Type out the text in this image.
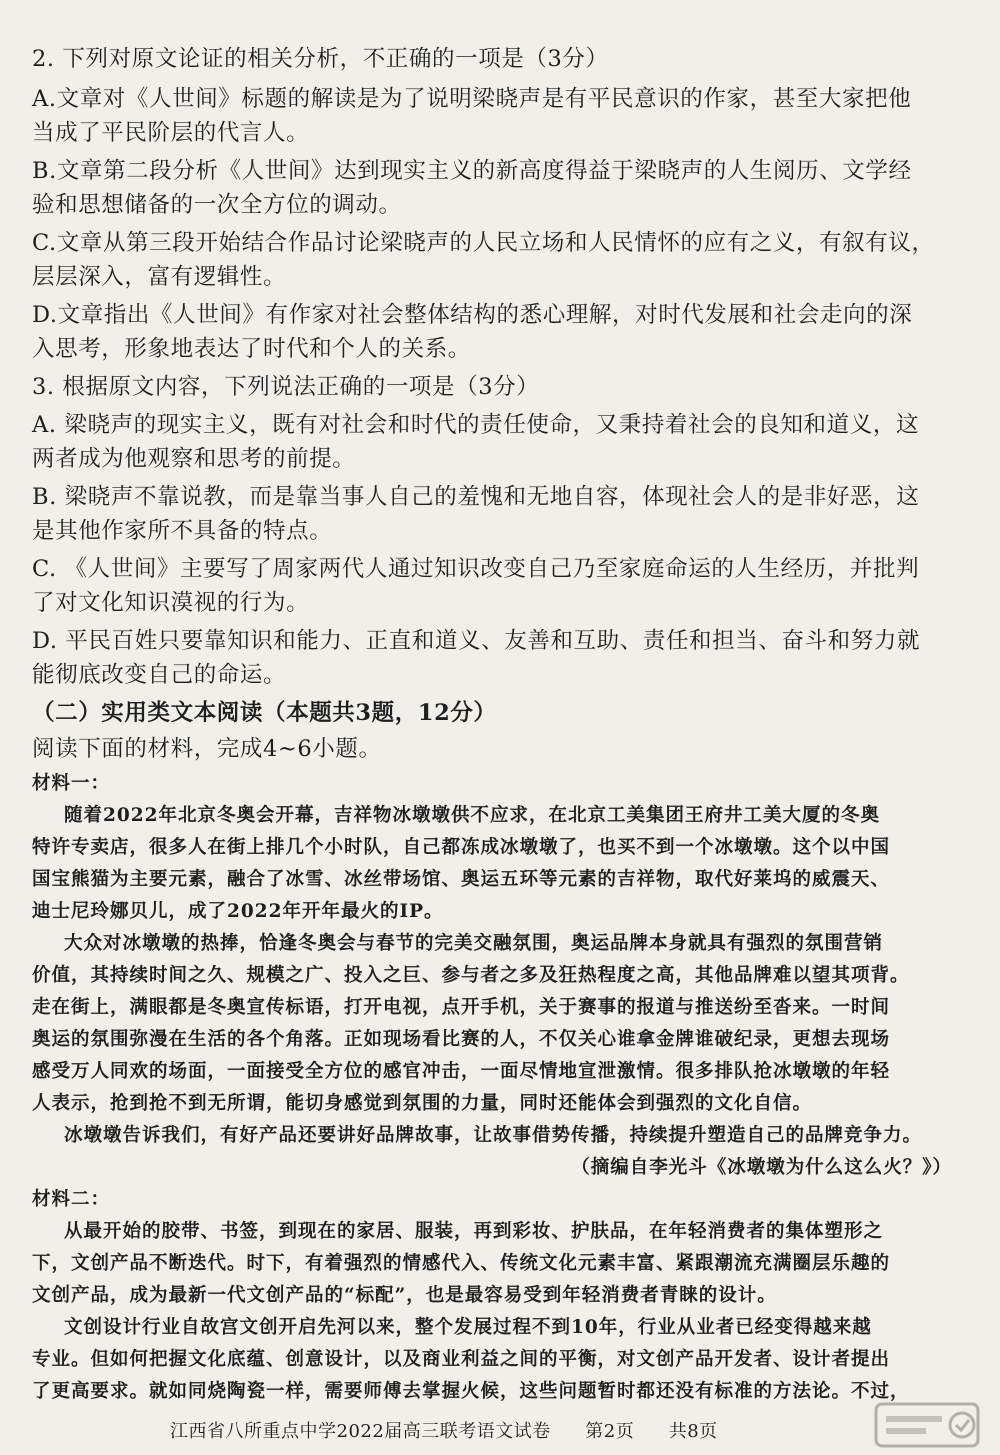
2. 下列对原文论证的相关分析，不正确的一项是（3分）
A.文章对《人世间》标题的解读是为了说明梁晓声是有平民意识的作家，甚至大家把他
当成了平民阶层的代言人。
B.文章第二段分析《人世间》达到现实主义的新高度得益于梁晓声的人生阅历、文学经
验和思想储备的一次全方位的调动。
C.文章从第三段开始结合作品讨论梁晓声的人民立场和人民情怀的应有之义，有叙有议，
层层深入，富有逻辑性。
D.文章指出《人世间》有作家对社会整体结构的悉心理解，对时代发展和社会走向的深
入思考，形象地表达了时代和个人的关系。
3. 根据原文内容，下列说法正确的一项是（3分）
A. 梁晓声的现实主义，既有对社会和时代的责任使命，又秉持着社会的良知和道义，这
两者成为他观察和思考的前提。
B. 梁晓声不靠说教，而是靠当事人自己的羞愧和无地自容，体现社会人的是非好恶，这
是其他作家所不具备的特点。
C. 《人世间》主要写了周家两代人通过知识改变自己乃至家庭命运的人生经历，并批判
了对文化知识漠视的行为。
D. 平民百姓只要靠知识和能力、正直和道义、友善和互助、责任和担当、奋斗和努力就
能彻底改变自己的命运。
（二）实用类文本阅读（本题共3题，12分）
阅读下面的材料，完成4~6小题。
材料一：
随着2022年北京冬奥会开幕，吉祥物冰墩墩供不应求，在北京工美集团王府井工美大厦的冬奥
特许专卖店，很多人在街上排几个小时队，自己都冻成冰墩墩了，也买不到一个冰墩墩。这个以中国
国宝熊猫为主要元素，融合了冰雪、冰丝带场馆、奥运五环等元素的吉祥物，取代好莱坞的威震天、
迪士尼玲娜贝儿，成了2022年开年最火的IP。
大众对冰墩墩的热捧，恰逢冬奥会与春节的完美交融氛围，奥运品牌本身就具有强烈的氛围营销
价值，其持续时间之久、规模之广、投入之巨、参与者之多及狂热程度之高，其他品牌难以望其项背。
走在街上，满眼都是冬奥宣传标语，打开电视，点开手机，关于赛事的报道与推送纷至沓来。一时间
奥运的氛围弥漫在生活的各个角落。正如现场看比赛的人，不仅关心谁拿金牌谁破纪录，更想去现场
感受万人同欢的场面，一面接受全方位的感官冲击，一面尽情地宣泄激情。很多排队抢冰墩墩的年轻
人表示，抢到抢不到无所谓，能切身感觉到氛围的力量，同时还能体会到强烈的文化自信。
冰墩墩告诉我们，有好产品还要讲好品牌故事，让故事借势传播，持续提升塑造自己的品牌竞争力。
（摘编自李光斗《冰墩墩为什么这么火？》）
材料二：
从最开始的胶带、书签，到现在的家居、服装，再到彩妆、护肤品，在年轻消费者的集体塑形之
下，文创产品不断迭代。时下，有着强烈的情感代入、传统文化元素丰富、紧跟潮流充满圈层乐趣的
文创产品，成为最新一代文创产品的“标配”，也是最容易受到年轻消费者青睐的设计。
文创设计行业自故宫文创开启先河以来，整个发展过程不到10年，行业从业者已经变得越来越
专业。但如何把握文化底蕴、创意设计，以及商业利益之间的平衡，对文创产品开发者、设计者提出
了更高要求。就如同烧陶瓷一样，需要师傅去掌握火候，这些问题暂时都还没有标准的方法论。不过，
江西省八所重点中学2022届高三联考语文试卷 第2页 共8页
